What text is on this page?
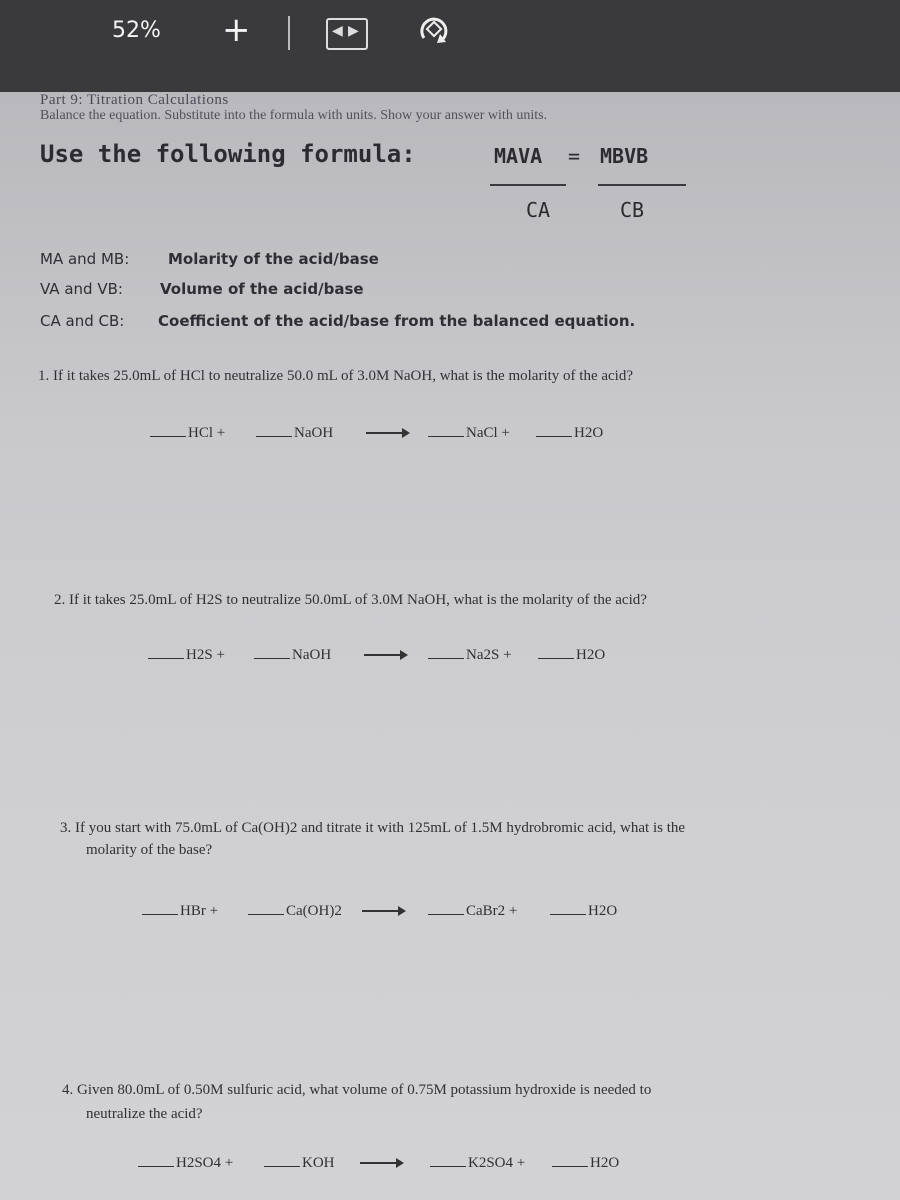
52% +	◀ ▶
Part 9: Titration Calculations
Balance the equation. Substitute into the formula with units. Show your answer with units.
Use the following formula:	MAVA = MBVB
CA	CB
MA and MB:	Molarity of the acid/base
VA and VB: Volume of the acid/base
CA and CB: Coefficient of the acid/base from the balanced equation.
1. If it takes 25.0mL of HCl to neutralize 50.0 mL of 3.0M NaOH, what is the molarity of the acid?
HCl +	NaOH	NaCl +	H2O
2. If it takes 25.0mL of H2S to neutralize 50.0mL of 3.0M NaOH, what is the molarity of the acid?
H2S +	NaOH	Na2S +	H2O
3. If you start with 75.0mL of Ca(OH)2 and titrate it with 125mL of 1.5M hydrobromic acid, what is the
molarity of the base?
HBr +	Ca(OH)2 →	CaBr2 +	H2O
4. Given 80.0mL of 0.50M sulfuric acid, what volume of 0.75M potassium hydroxide is needed to
neutralize the acid?
H2SO4 +	KOH	K2SO4 +	H2O
